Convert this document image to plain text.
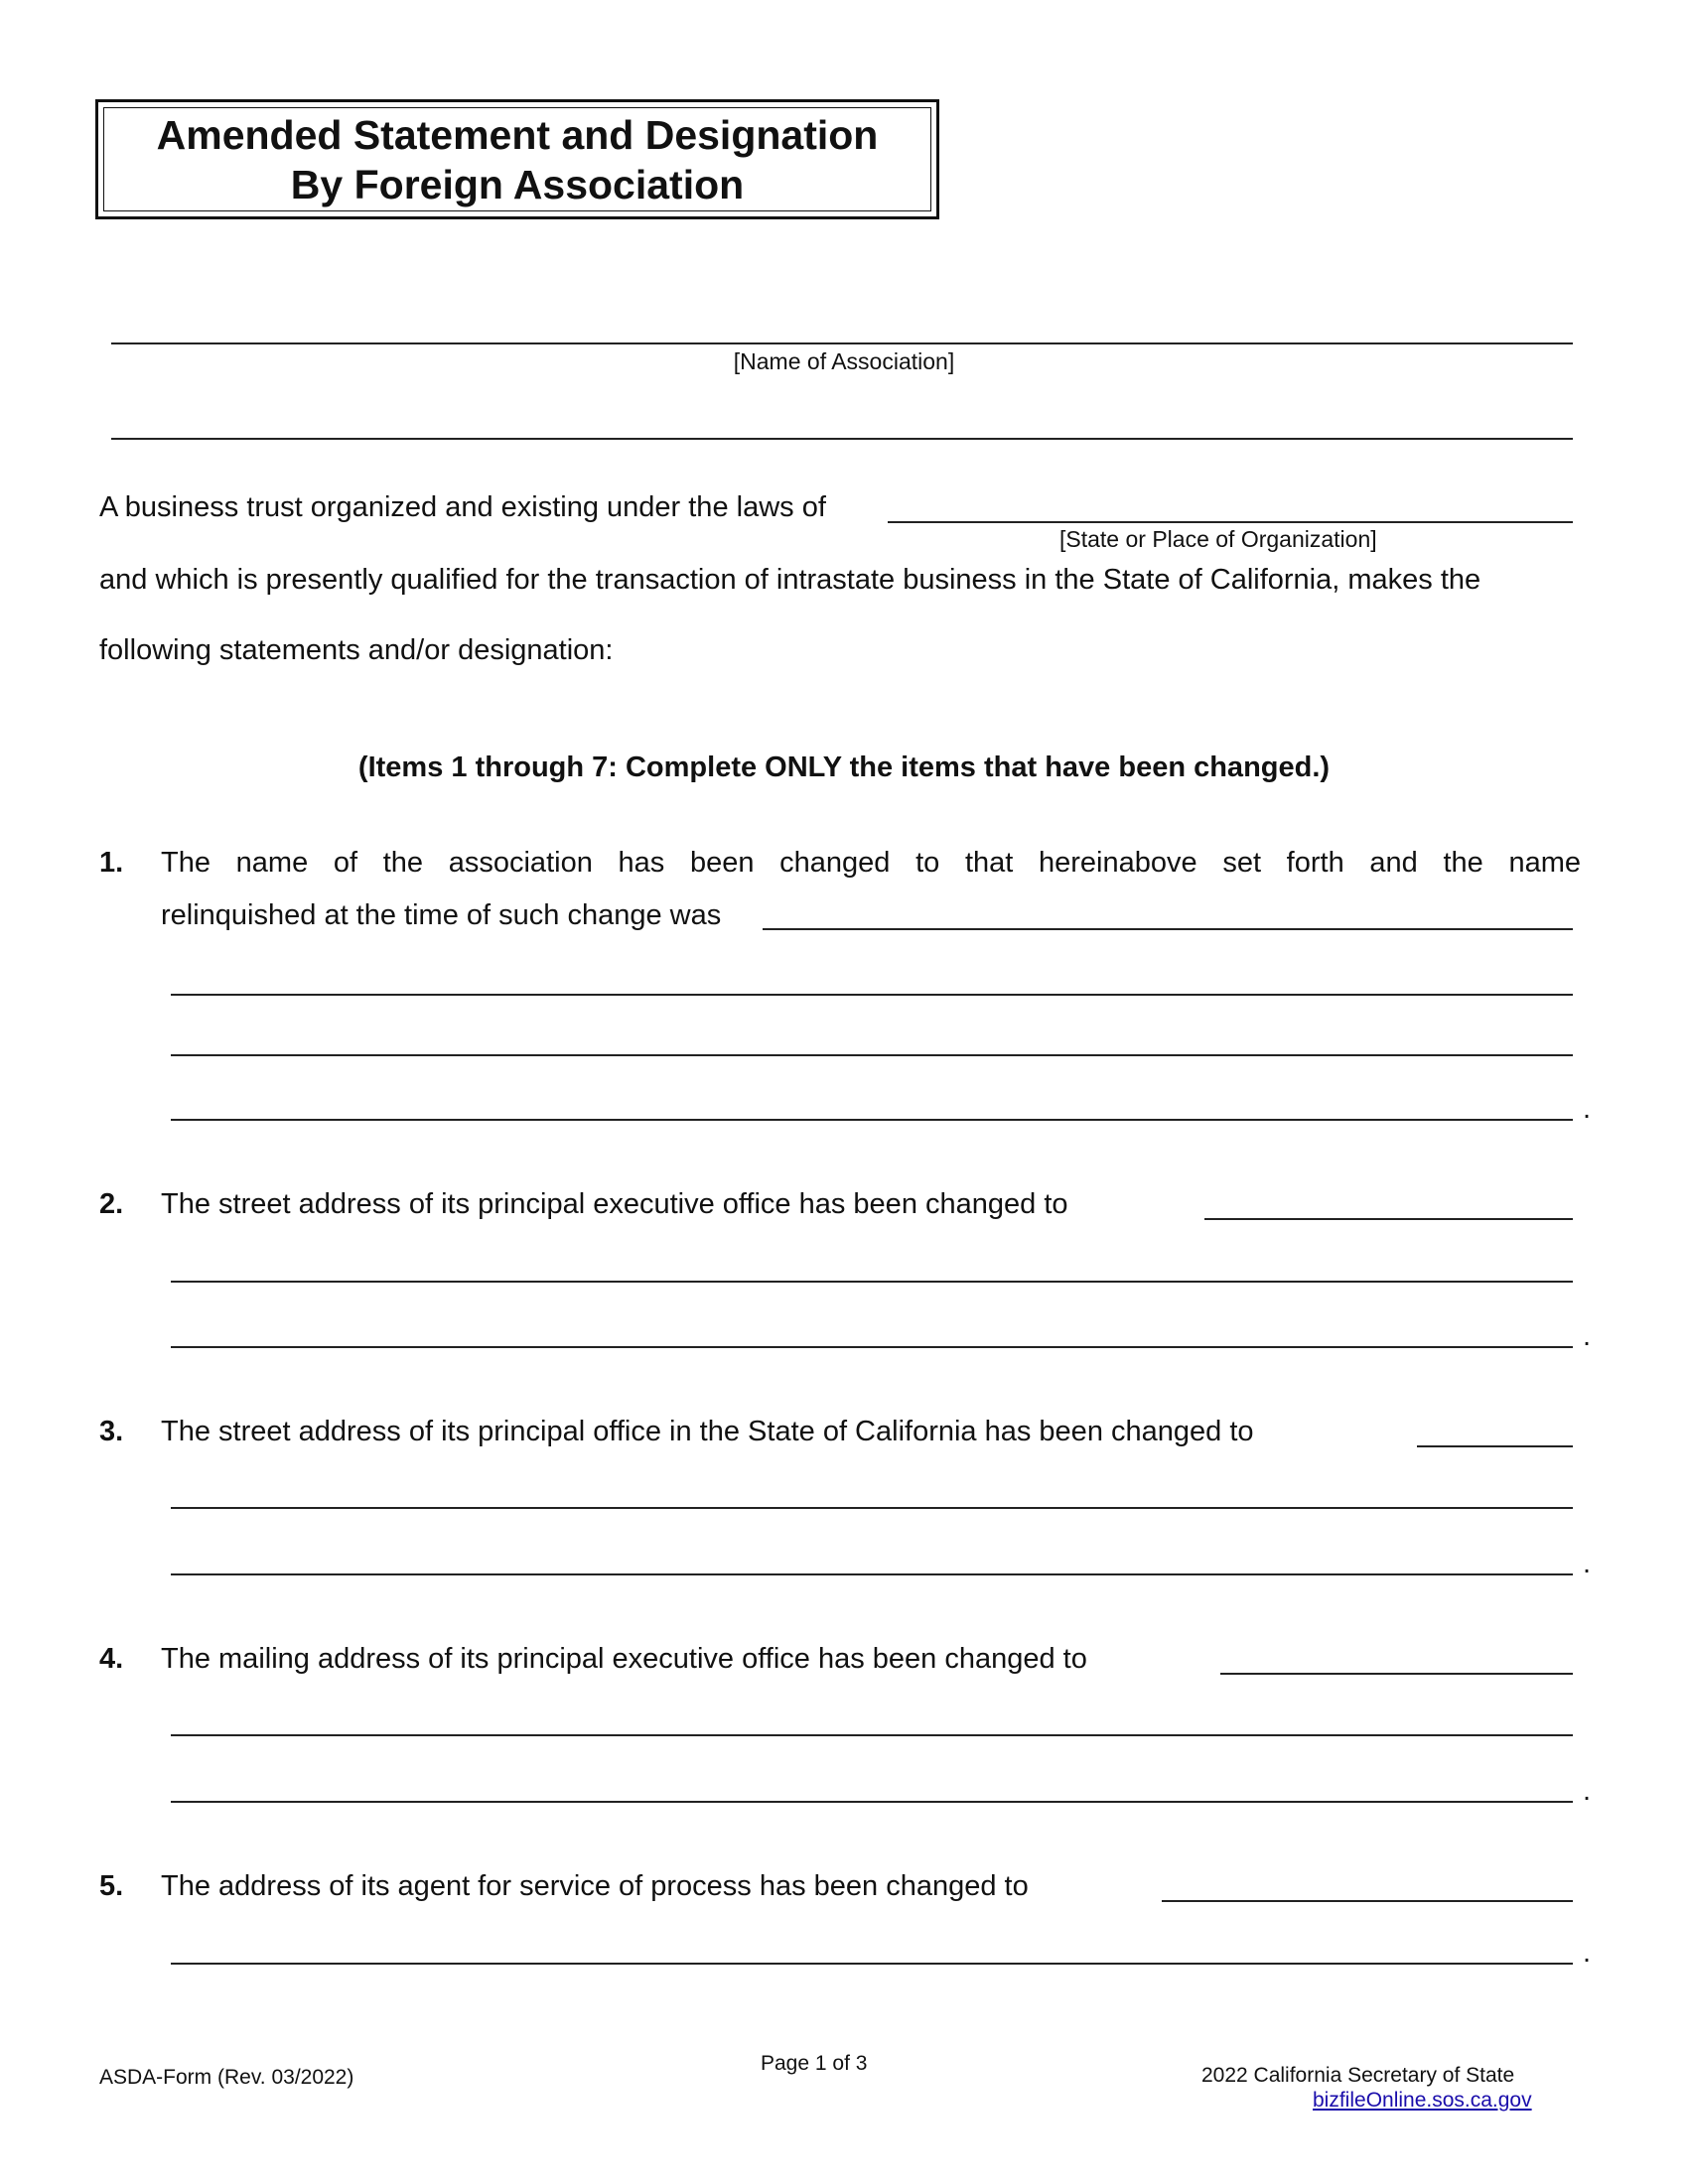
Amended Statement and Designation
By Foreign Association
[Name of Association]
A business trust organized and existing under the laws of
[State or Place of Organization]
and which is presently qualified for the transaction of intrastate business in the State of California, makes the
following statements and/or designation:
(Items 1 through 7: Complete ONLY the items that have been changed.)
1. The name of the association has been changed to that hereinabove set forth and the name
relinquished at the time of such change was
.
2. The street address of its principal executive office has been changed to
.
3. The street address of its principal office in the State of California has been changed to
.
4. The mailing address of its principal executive office has been changed to
.
5. The address of its agent for service of process has been changed to
.
ASDA-Form (Rev. 03/2022)
Page 1 of 3
2022 California Secretary of State
bizfileOnline.sos.ca.gov
